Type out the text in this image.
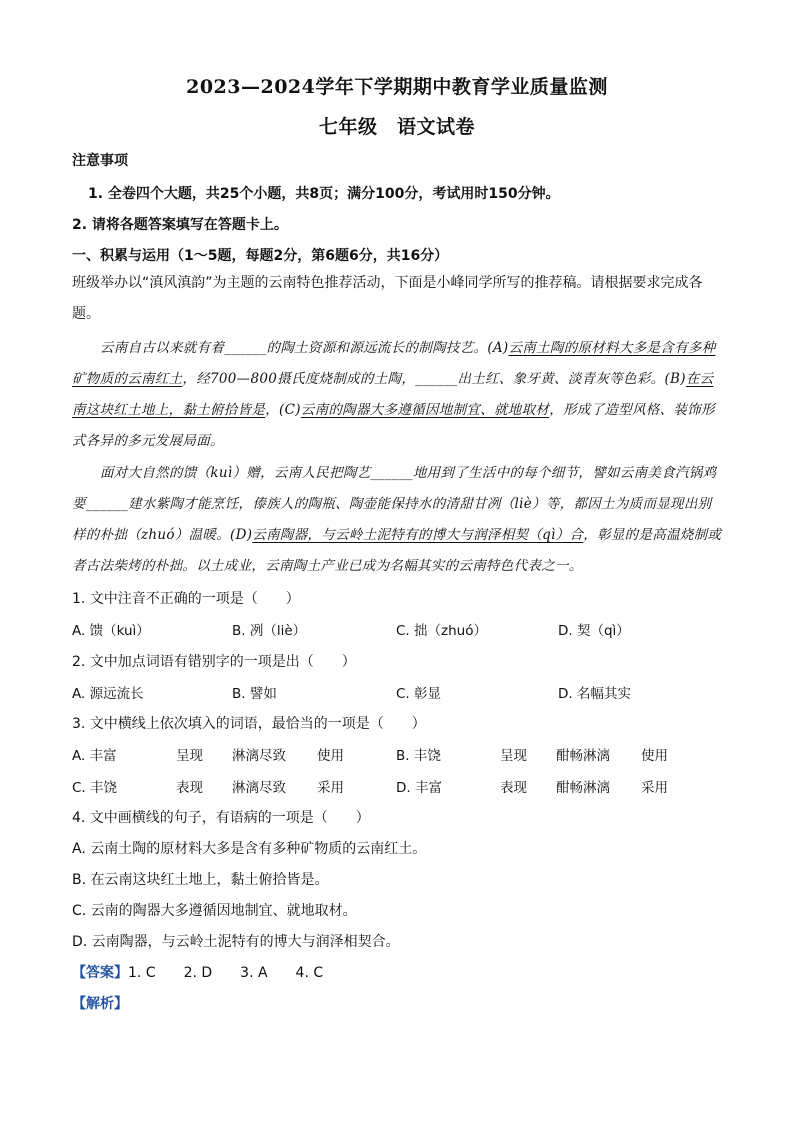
2023—2024学年下学期期中教育学业质量监测
七年级　语文试卷
注意事项
1. 全卷四个大题，共25个小题，共8页；满分100分，考试用时150分钟。
2. 请将各题答案填写在答题卡上。
一、积累与运用（1～5题，每题2分，第6题6分，共16分）
班级举办以“滇风滇韵”为主题的云南特色推荐活动，下面是小峰同学所写的推荐稿。请根据要求完成各题。
云南自古以来就有着______的陶土资源和源远流长的制陶技艺。(A)云南土陶的原材料大多是含有多种矿物质的云南红土，经700—800摄氏度烧制成的土陶，______出土红、象牙黄、淡青灰等色彩。(B)在云南这块红土地上，黏土俯拾皆是，(C)云南的陶器大多遵循因地制宜、就地取材，形成了造型风格、装饰形式各异的多元发展局面。
面对大自然的馈（kuì）赠，云南人民把陶艺______地用到了生活中的每个细节，譬如云南美食汽锅鸡要______建水紫陶才能烹饪，傣族人的陶瓶、陶壶能保持水的清甜甘冽（liè）等，都因土为质而显现出别样的朴拙（zhuó）温暖。(D)云南陶器，与云岭土泥特有的博大与润泽相契（qì）合，彰显的是高温烧制或者古法柴烤的朴拙。以土成业，云南陶土产业已成为名幅其实的云南特色代表之一。
1. 文中注音不正确的一项是（　　）
A. 馈（kuì）	B. 冽（liè）	C. 拙（zhuó）	D. 契（qì）
2. 文中加点词语有错别字的一项是出（　　）
A. 源远流长	B. 譬如	C. 彰显	D. 名幅其实
3. 文中横线上依次填入的词语，最恰当的一项是（　　）
A. 丰富	呈现 淋漓尽致 使用	B. 丰饶	呈现 酣畅淋漓 使用
C. 丰饶	表现 淋漓尽致 采用	D. 丰富	表现 酣畅淋漓 采用
4. 文中画横线的句子，有语病的一项是（　　）
A. 云南土陶的原材料大多是含有多种矿物质的云南红土。
B. 在云南这块红土地上，黏土俯拾皆是。
C. 云南的陶器大多遵循因地制宜、就地取材。
D. 云南陶器，与云岭土泥特有的博大与润泽相契合。
【答案】1. C　　2. D　　3. A　　4. C
【解析】
